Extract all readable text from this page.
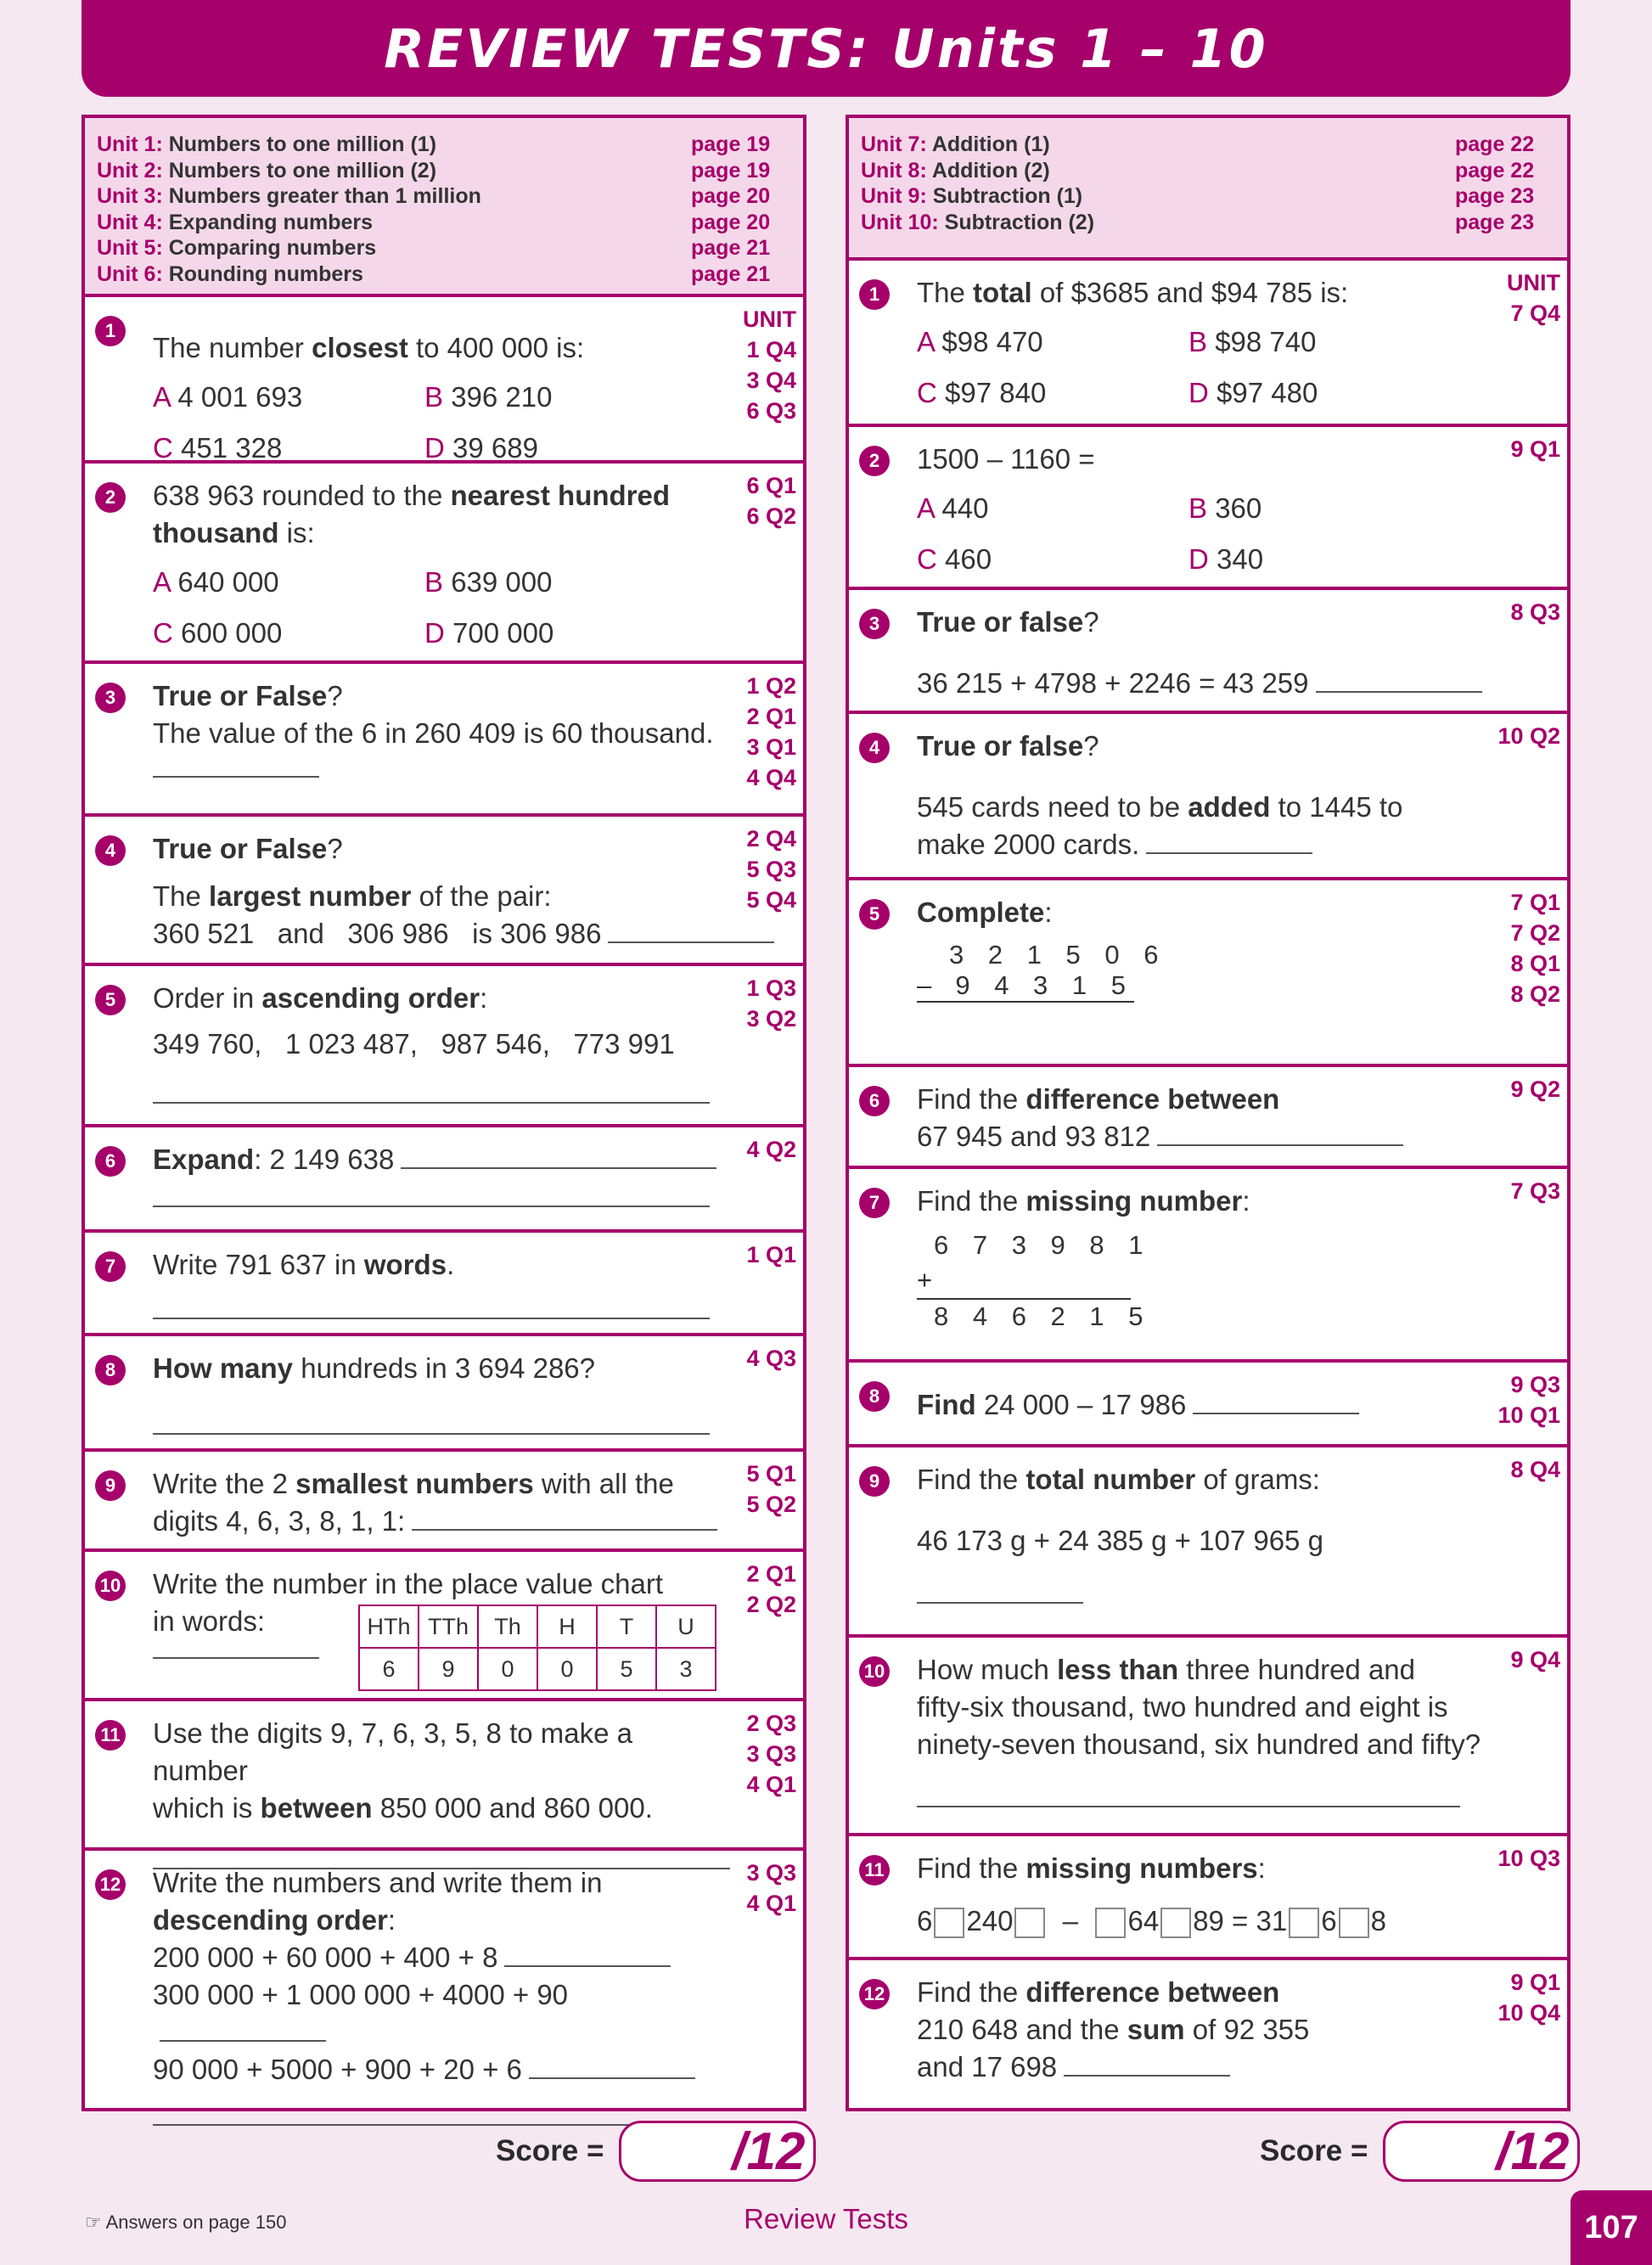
REVIEW TESTS: Units 1 – 10
Unit 1: Numbers to one million (1)	page 19
Unit 2: Numbers to one million (2)	page 19
Unit 3: Numbers greater than 1 million	page 20
Unit 4: Expanding numbers	page 20
Unit 5: Comparing numbers	page 21
Unit 6: Rounding numbers	page 21
1	UNIT
1 Q4
3 Q4
6 Q3
The number closest to 400 000 is:
A 4 001 693	B 396 210
C 451 328	D 39 689
2	6 Q1
6 Q2
638 963 rounded to the nearest hundred thousand is:
A 640 000	B 639 000
C 600 000	D 700 000
3	1 Q2
2 Q1
3 Q1
4 Q4
True or False?
The value of the 6 in 260 409 is 60 thousand.
4	2 Q4
5 Q3
5 Q4
True or False?
The largest number of the pair:
360 521   and   306 986   is 306 986
5	1 Q3
3 Q2
Order in ascending order:
349 760,   1 023 487,   987 546,   773 991
6	4 Q2
Expand: 2 149 638
7	1 Q1
Write 791 637 in words.
8	4 Q3
How many hundreds in 3 694 286?
9	5 Q1
5 Q2
Write the 2 smallest numbers with all the
digits 4, 6, 3, 8, 1, 1:
10	2 Q1
2 Q2
Write the number in the place value chart
in words:	HTh	TTh	Th	H	T	U
6	9	0	0	5	3
11	2 Q3
3 Q3
4 Q1
Use the digits 9, 7, 6, 3, 5, 8 to make a number
which is between 850 000 and 860 000.
12	3 Q3
4 Q1
Write the numbers and write them in
descending order:
200 000 + 60 000 + 400 + 8
300 000 + 1 000 000 + 4000 + 90
90 000 + 5000 + 900 + 20 + 6
Unit 7: Addition (1)	page 22
Unit 8: Addition (2)	page 22
Unit 9: Subtraction (1)	page 23
Unit 10: Subtraction (2)	page 23
1	UNIT
7 Q4
The total of $3685 and $94 785 is:
A $98 470	B $98 740
C $97 840	D $97 480
2	9 Q1
1500 – 1160 =
A 440	B 360
C 460	D 340
3	8 Q3
True or false?
36 215 + 4798 + 2246 = 43 259
4	10 Q2
True or false?
545 cards need to be added to 1445 to
make 2000 cards.
5	7 Q1
7 Q2
8 Q1
8 Q2
Complete:
3 2 1 5 0 6
– 9 4 3 1 5
6	9 Q2
Find the difference between
67 945 and 93 812
7	7 Q3
Find the missing number:
6 7 3 9 8 1
+
8 4 6 2 1 5
8	9 Q3
10 Q1
Find 24 000 – 17 986
9	8 Q4
Find the total number of grams:
46 173 g + 24 385 g + 107 965 g
10	9 Q4
How much less than three hundred and
fifty-six thousand, two hundred and eight is
ninety-seven thousand, six hundred and fifty?
11	10 Q3
Find the missing numbers:
6 240 – 64 89 = 31 6 8
12	9 Q1
10 Q4
Find the difference between
210 648 and the sum of 92 355
and 17 698
Score = /12	Score = /12
☞ Answers on page 150	Review Tests	107
